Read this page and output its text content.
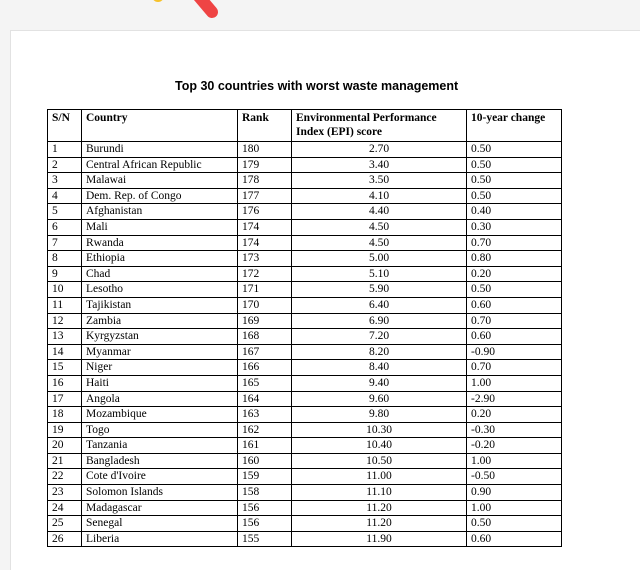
Top 30 countries with worst waste management
S/N	Country	Rank	Environmental Performance Index (EPI) score	10-year change
1	Burundi	180	2.70	0.50
2	Central African Republic	179	3.40	0.50
3	Malawai	178	3.50	0.50
4	Dem. Rep. of Congo	177	4.10	0.50
5	Afghanistan	176	4.40	0.40
6	Mali	174	4.50	0.30
7	Rwanda	174	4.50	0.70
8	Ethiopia	173	5.00	0.80
9	Chad	172	5.10	0.20
10	Lesotho	171	5.90	0.50
11	Tajikistan	170	6.40	0.60
12	Zambia	169	6.90	0.70
13	Kyrgyzstan	168	7.20	0.60
14	Myanmar	167	8.20	-0.90
15	Niger	166	8.40	0.70
16	Haiti	165	9.40	1.00
17	Angola	164	9.60	-2.90
18	Mozambique	163	9.80	0.20
19	Togo	162	10.30	-0.30
20	Tanzania	161	10.40	-0.20
21	Bangladesh	160	10.50	1.00
22	Cote d'Ivoire	159	11.00	-0.50
23	Solomon Islands	158	11.10	0.90
24	Madagascar	156	11.20	1.00
25	Senegal	156	11.20	0.50
26	Liberia	155	11.90	0.60
